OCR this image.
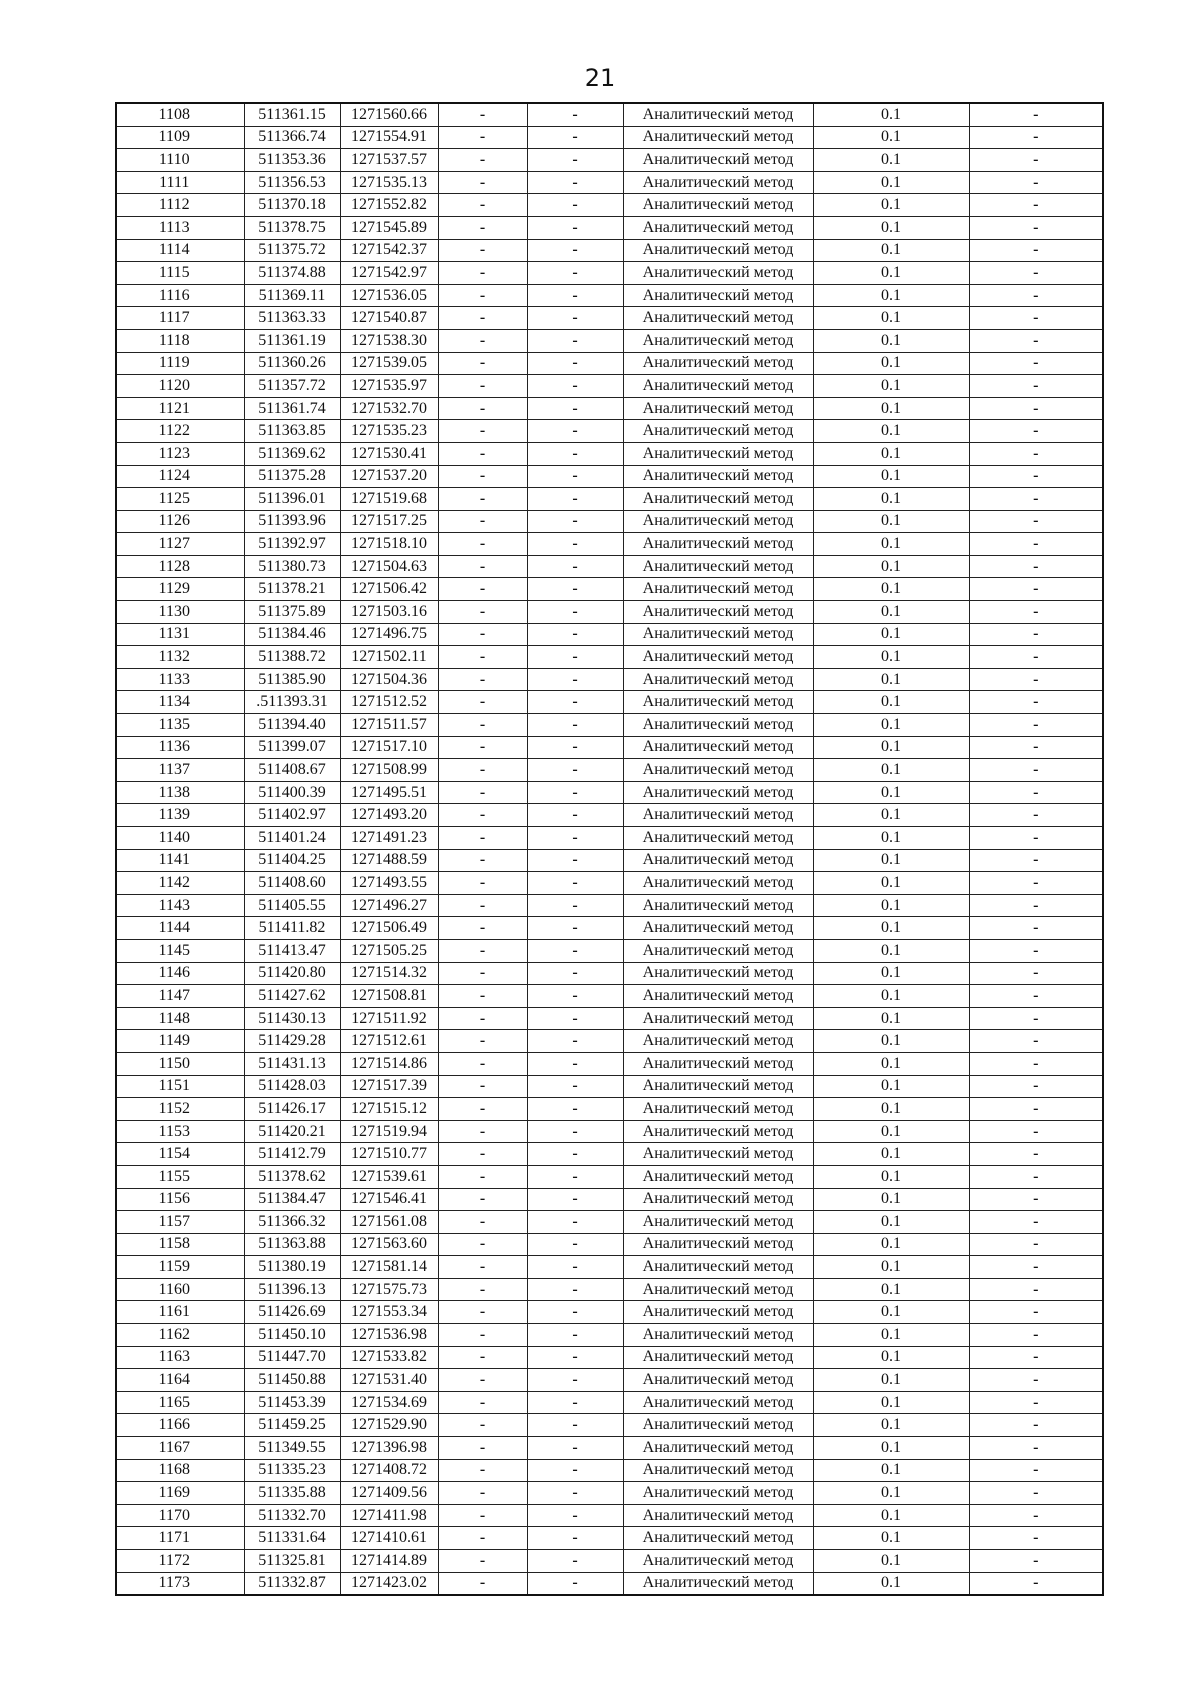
21
1108	511361.15	1271560.66	-	-	Аналитический метод	0.1	-
1109	511366.74	1271554.91	-	-	Аналитический метод	0.1	-
1110	511353.36	1271537.57	-	-	Аналитический метод	0.1	-
1111	511356.53	1271535.13	-	-	Аналитический метод	0.1	-
1112	511370.18	1271552.82	-	-	Аналитический метод	0.1	-
1113	511378.75	1271545.89	-	-	Аналитический метод	0.1	-
1114	511375.72	1271542.37	-	-	Аналитический метод	0.1	-
1115	511374.88	1271542.97	-	-	Аналитический метод	0.1	-
1116	511369.11	1271536.05	-	-	Аналитический метод	0.1	-
1117	511363.33	1271540.87	-	-	Аналитический метод	0.1	-
1118	511361.19	1271538.30	-	-	Аналитический метод	0.1	-
1119	511360.26	1271539.05	-	-	Аналитический метод	0.1	-
1120	511357.72	1271535.97	-	-	Аналитический метод	0.1	-
1121	511361.74	1271532.70	-	-	Аналитический метод	0.1	-
1122	511363.85	1271535.23	-	-	Аналитический метод	0.1	-
1123	511369.62	1271530.41	-	-	Аналитический метод	0.1	-
1124	511375.28	1271537.20	-	-	Аналитический метод	0.1	-
1125	511396.01	1271519.68	-	-	Аналитический метод	0.1	-
1126	511393.96	1271517.25	-	-	Аналитический метод	0.1	-
1127	511392.97	1271518.10	-	-	Аналитический метод	0.1	-
1128	511380.73	1271504.63	-	-	Аналитический метод	0.1	-
1129	511378.21	1271506.42	-	-	Аналитический метод	0.1	-
1130	511375.89	1271503.16	-	-	Аналитический метод	0.1	-
1131	511384.46	1271496.75	-	-	Аналитический метод	0.1	-
1132	511388.72	1271502.11	-	-	Аналитический метод	0.1	-
1133	511385.90	1271504.36	-	-	Аналитический метод	0.1	-
1134	.511393.31	1271512.52	-	-	Аналитический метод	0.1	-
1135	511394.40	1271511.57	-	-	Аналитический метод	0.1	-
1136	511399.07	1271517.10	-	-	Аналитический метод	0.1	-
1137	511408.67	1271508.99	-	-	Аналитический метод	0.1	-
1138	511400.39	1271495.51	-	-	Аналитический метод	0.1	-
1139	511402.97	1271493.20	-	-	Аналитический метод	0.1	-
1140	511401.24	1271491.23	-	-	Аналитический метод	0.1	-
1141	511404.25	1271488.59	-	-	Аналитический метод	0.1	-
1142	511408.60	1271493.55	-	-	Аналитический метод	0.1	-
1143	511405.55	1271496.27	-	-	Аналитический метод	0.1	-
1144	511411.82	1271506.49	-	-	Аналитический метод	0.1	-
1145	511413.47	1271505.25	-	-	Аналитический метод	0.1	-
1146	511420.80	1271514.32	-	-	Аналитический метод	0.1	-
1147	511427.62	1271508.81	-	-	Аналитический метод	0.1	-
1148	511430.13	1271511.92	-	-	Аналитический метод	0.1	-
1149	511429.28	1271512.61	-	-	Аналитический метод	0.1	-
1150	511431.13	1271514.86	-	-	Аналитический метод	0.1	-
1151	511428.03	1271517.39	-	-	Аналитический метод	0.1	-
1152	511426.17	1271515.12	-	-	Аналитический метод	0.1	-
1153	511420.21	1271519.94	-	-	Аналитический метод	0.1	-
1154	511412.79	1271510.77	-	-	Аналитический метод	0.1	-
1155	511378.62	1271539.61	-	-	Аналитический метод	0.1	-
1156	511384.47	1271546.41	-	-	Аналитический метод	0.1	-
1157	511366.32	1271561.08	-	-	Аналитический метод	0.1	-
1158	511363.88	1271563.60	-	-	Аналитический метод	0.1	-
1159	511380.19	1271581.14	-	-	Аналитический метод	0.1	-
1160	511396.13	1271575.73	-	-	Аналитический метод	0.1	-
1161	511426.69	1271553.34	-	-	Аналитический метод	0.1	-
1162	511450.10	1271536.98	-	-	Аналитический метод	0.1	-
1163	511447.70	1271533.82	-	-	Аналитический метод	0.1	-
1164	511450.88	1271531.40	-	-	Аналитический метод	0.1	-
1165	511453.39	1271534.69	-	-	Аналитический метод	0.1	-
1166	511459.25	1271529.90	-	-	Аналитический метод	0.1	-
1167	511349.55	1271396.98	-	-	Аналитический метод	0.1	-
1168	511335.23	1271408.72	-	-	Аналитический метод	0.1	-
1169	511335.88	1271409.56	-	-	Аналитический метод	0.1	-
1170	511332.70	1271411.98	-	-	Аналитический метод	0.1	-
1171	511331.64	1271410.61	-	-	Аналитический метод	0.1	-
1172	511325.81	1271414.89	-	-	Аналитический метод	0.1	-
1173	511332.87	1271423.02	-	-	Аналитический метод	0.1	-
